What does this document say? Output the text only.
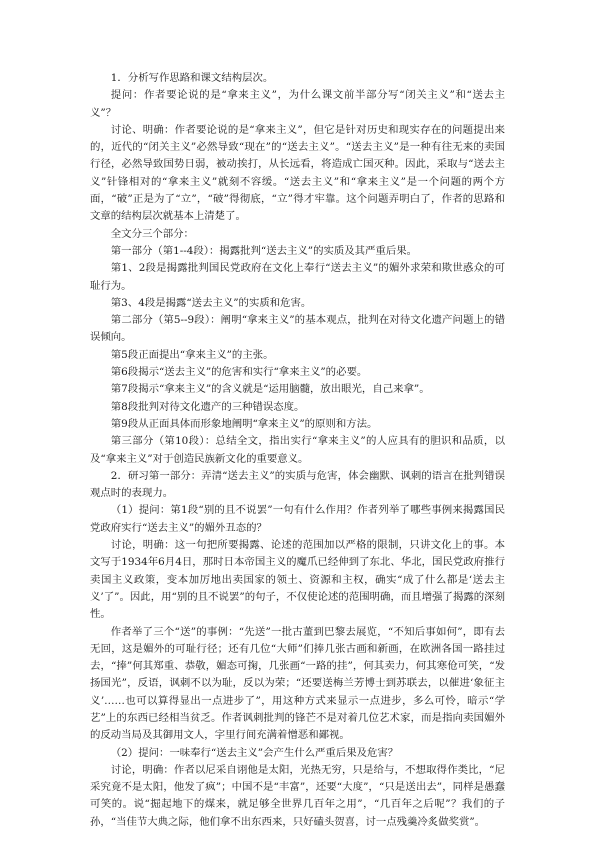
1．分析写作思路和课文结构层次。

提问：作者要论说的是“拿来主义”，为什么课文前半部分写“闭关主义”和“送去主义”？

讨论、明确：作者要论说的是“拿来主义”，但它是针对历史和现实存在的问题提出来的，近代的“闭关主义”必然导致“现在”的“送去主义”。“送去主义”是一种有往无来的卖国行径，必然导致国势日弱，被动挨打，从长远看，将造成亡国灭种。因此，采取与“送去主义”针锋相对的“拿来主义”就刻不容缓。“送去主义”和“拿来主义”是一个问题的两个方面，“破”正是为了“立”，“破”得彻底，“立”得才牢靠。这个问题弄明白了，作者的思路和文章的结构层次就基本上清楚了。

全文分三个部分：

第一部分（第1--4段）：揭露批判“送去主义”的实质及其严重后果。

第1、2段是揭露批判国民党政府在文化上奉行“送去主义”的媚外求荣和欺世惑众的可耻行为。

第3、4段是揭露“送去主义”的实质和危害。

第二部分（第5--9段）：阐明“拿来主义”的基本观点，批判在对待文化遗产问题上的错误倾向。

第5段正面提出“拿来主义”的主张。

第6段揭示“送去主义”的危害和实行“拿来主义”的必要。

第7段揭示“拿来主义”的含义就是“运用脑髓，放出眼光，自己来拿”。

第8段批判对待文化遗产的三种错误态度。

第9段从正面具体而形象地阐明“拿来主义”的原则和方法。

第三部分（第10段）：总结全文，指出实行“拿来主义”的人应具有的胆识和品质，以及“拿来主义”对于创造民族新文化的重要意义。

2．研习第一部分：弄清“送去主义”的实质与危害，体会幽默、讽刺的语言在批判错误观点时的表现力。

（1）提问：第1段“别的且不说罢”一句有什么作用？作者列举了哪些事例来揭露国民党政府实行“送去主义”的媚外丑态的？

讨论，明确：这一句把所要揭露、论述的范围加以严格的限制，只讲文化上的事。本文写于1934年6月4日，那时日本帝国主义的魔爪已经伸到了东北、华北，国民党政府推行卖国主义政策，变本加厉地出卖国家的领土、资源和主权，确实“成了什么都是‘送去主义’了”。因此，用“别的且不说罢”的句子，不仅使论述的范围明确，而且增强了揭露的深刻性。

作者举了三个“送”的事例：“先送”一批古董到巴黎去展览，“不知后事如何”，即有去无回，这是媚外的可耻行径；还有几位“大师”们捧几张古画和新画，在欧洲各国一路挂过去，“捧”何其郑重、恭敬，媚态可掬，几张画“一路的挂”，何其卖力，何其寒伧可笑，“发扬国光”，反语，讽刺不以为耻，反以为荣；“还要送梅兰芳博士到苏联去，以催进‘象征主义’……也可以算得显出一点进步了”，用这种方式来显示一点进步，多么可怜，暗示“学艺”上的东西已经相当贫乏。作者讽刺批判的锋芒不是对着几位艺术家，而是指向卖国媚外的反动当局及其御用文人，字里行间充满着憎恶和鄙视。

（2）提问：一味奉行“送去主义”会产生什么严重后果及危害？

讨论，明确：作者以尼采自诩他是太阳，光热无穷，只是给与，不想取得作类比，“尼采究竟不是太阳，他发了疯”；中国不是“丰富”，还要“大度”，“只是送出去”，同样是愚蠢可笑的。说“掘起地下的煤来，就足够全世界几百年之用”，“几百年之后呢”？我们的子孙，“当佳节大典之际，他们拿不出东西来，只好磕头贺喜，讨一点残羹冷炙做奖赏”。
